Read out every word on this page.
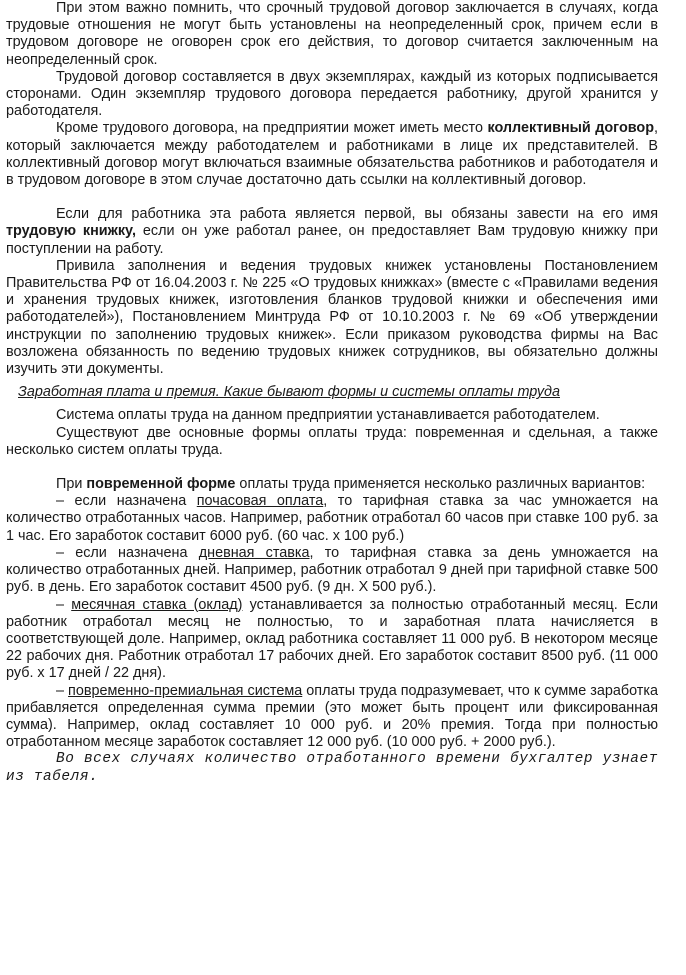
При этом важно помнить, что срочный трудовой договор заключается в случаях, когда трудовые отношения не могут быть установлены на неопределенный срок, причем если в трудовом договоре не оговорен срок его действия, то договор считается заключенным на неопределенный срок.

Трудовой договор составляется в двух экземплярах, каждый из которых подписывается сторонами. Один экземпляр трудового договора передается работнику, другой хранится у работодателя.

Кроме трудового договора, на предприятии может иметь место коллективный договор, который заключается между работодателем и работниками в лице их представителей. В коллективный договор могут включаться взаимные обязательства работников и работодателя и в трудовом договоре в этом случае достаточно дать ссылки на коллективный договор.

Если для работника эта работа является первой, вы обязаны завести на его имя трудовую книжку, если он уже работал ранее, он предоставляет Вам трудовую книжку при поступлении на работу.

Привила заполнения и ведения трудовых книжек установлены Постановлением Правительства РФ от 16.04.2003 г. № 225 «О трудовых книжках» (вместе с «Правилами ведения и хранения трудовых книжек, изготовления бланков трудовой книжки и обеспечения ими работодателей»), Постановлением Минтруда РФ от 10.10.2003 г. № 69 «Об утверждении инструкции по заполнению трудовых книжек». Если приказом руководства фирмы на Вас возложена обязанность по ведению трудовых книжек сотрудников, вы обязательно должны изучить эти документы.

Заработная плата и премия. Какие бывают формы и системы оплаты труда

Система оплаты труда на данном предприятии устанавливается работодателем.

Существуют две основные формы оплаты труда: повременная и сдельная, а также несколько систем оплаты труда.

При повременной форме оплаты труда применяется несколько различных вариантов:

– если назначена почасовая оплата, то тарифная ставка за час умножается на количество отработанных часов. Например, работник отработал 60 часов при ставке 100 руб. за 1 час. Его заработок составит 6000 руб. (60 час. х 100 руб.)

– если назначена дневная ставка, то тарифная ставка за день умножается на количество отработанных дней. Например, работник отработал 9 дней при тарифной ставке 500 руб. в день. Его заработок составит 4500 руб. (9 дн. Х 500 руб.).

– месячная ставка (оклад) устанавливается за полностью отработанный месяц. Если работник отработал месяц не полностью, то и заработная плата начисляется в соответствующей доле. Например, оклад работника составляет 11 000 руб. В некотором месяце 22 рабочих дня. Работник отработал 17 рабочих дней. Его заработок составит 8500 руб. (11 000 руб. х 17 дней / 22 дня).

– повременно-премиальная система оплаты труда подразумевает, что к сумме заработка прибавляется определенная сумма премии (это может быть процент или фиксированная сумма). Например, оклад составляет 10 000 руб. и 20% премия. Тогда при полностью отработанном месяце заработок составляет 12 000 руб. (10 000 руб. + 2000 руб.).

Во всех случаях количество отработанного времени бухгалтер узнает из табеля.
